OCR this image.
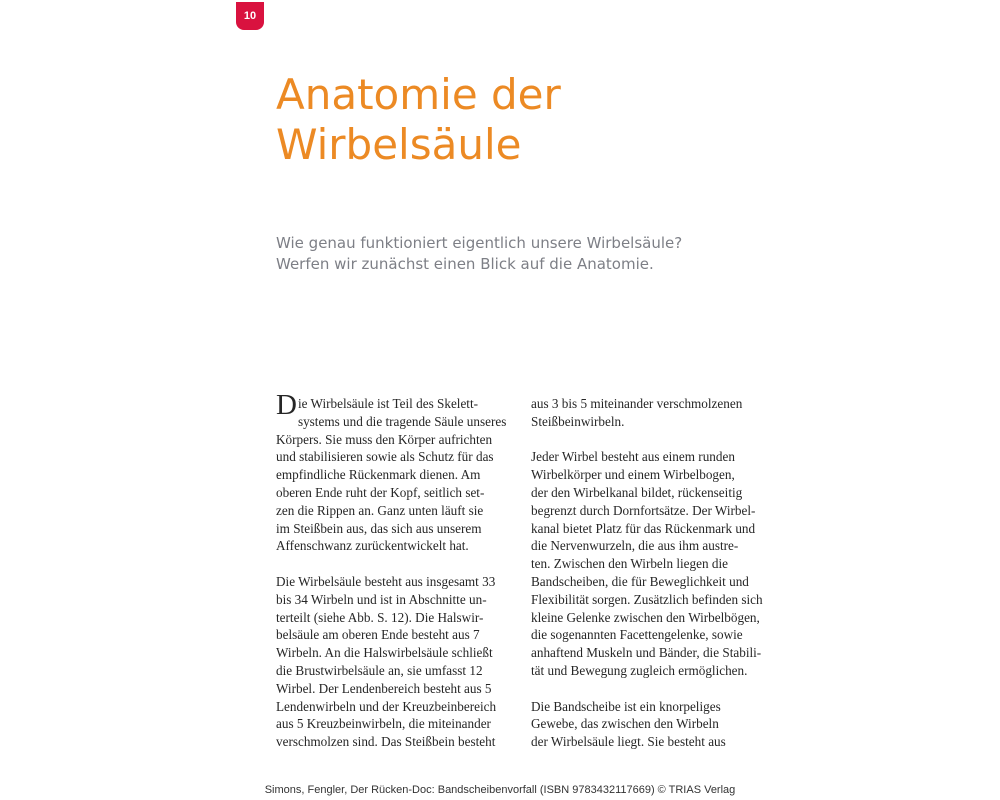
10
Anatomie der
Wirbelsäule
Wie genau funktioniert eigentlich unsere Wirbelsäule?
Werfen wir zunächst einen Blick auf die Anatomie.

D ie Wirbelsäule ist Teil des Skelett-
systems und die tragende Säule unseres
Körpers. Sie muss den Körper aufrichten
und stabilisieren sowie als Schutz für das
empfindliche Rückenmark dienen. Am
oberen Ende ruht der Kopf, seitlich set-
zen die Rippen an. Ganz unten läuft sie
im Steißbein aus, das sich aus unserem
Affenschwanz zurückentwickelt hat.

Die Wirbelsäule besteht aus insgesamt 33
bis 34 Wirbeln und ist in Abschnitte un-
terteilt (siehe Abb. S. 12). Die Halswir-
belsäule am oberen Ende besteht aus 7
Wirbeln. An die Halswirbelsäule schließt
die Brustwirbelsäule an, sie umfasst 12
Wirbel. Der Lendenbereich besteht aus 5
Lendenwirbeln und der Kreuzbeinbereich
aus 5 Kreuzbeinwirbeln, die miteinander
verschmolzen sind. Das Steißbein besteht

aus 3 bis 5 miteinander verschmolzenen
Steißbeinwirbeln.

Jeder Wirbel besteht aus einem runden
Wirbelkörper und einem Wirbelbogen,
der den Wirbelkanal bildet, rückenseitig
begrenzt durch Dornfortsätze. Der Wirbel-
kanal bietet Platz für das Rückenmark und
die Nervenwurzeln, die aus ihm austre-
ten. Zwischen den Wirbeln liegen die
Bandscheiben, die für Beweglichkeit und
Flexibilität sorgen. Zusätzlich befinden sich
kleine Gelenke zwischen den Wirbelbögen,
die sogenannten Facettengelenke, sowie
anhaftend Muskeln und Bänder, die Stabili-
tät und Bewegung zugleich ermöglichen.

Die Bandscheibe ist ein knorpeliges
Gewebe, das zwischen den Wirbeln
der Wirbelsäule liegt. Sie besteht aus

Simons, Fengler, Der Rücken-Doc: Bandscheibenvorfall (ISBN 9783432117669) © TRIAS Verlag
